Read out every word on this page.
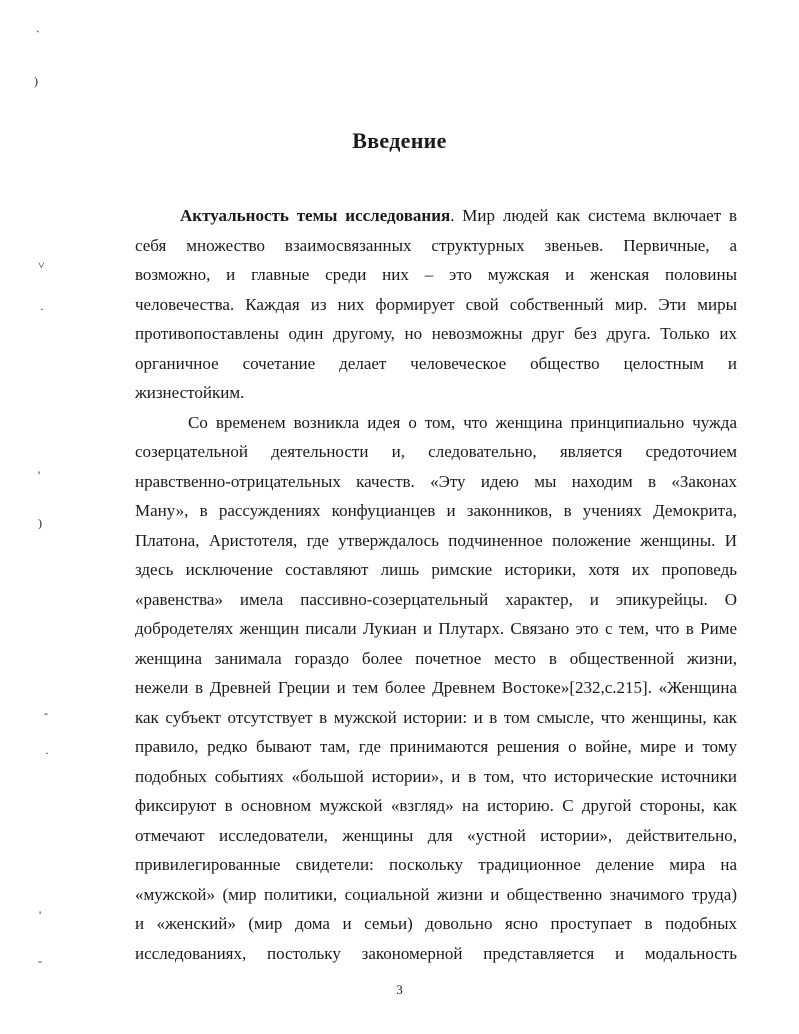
`
)
˅
·
'
)
-
·
'
-
Введение
Актуальность темы исследования. Мир людей как система включает в
себя множество взаимосвязанных структурных звеньев. Первичные, а
возможно, и главные среди них – это мужская и женская половины
человечества. Каждая из них формирует свой собственный мир. Эти миры
противопоставлены один другому, но невозможны друг без друга. Только их
органичное сочетание делает человеческое общество целостным и
жизнестойким.
Со временем возникла идея о том, что женщина принципиально чужда
созерцательной деятельности и, следовательно, является средоточием
нравственно-отрицательных качеств. «Эту идею мы находим в «Законах
Ману», в рассуждениях конфуцианцев и законников, в учениях Демокрита,
Платона, Аристотеля, где утверждалось подчиненное положение женщины. И
здесь исключение составляют лишь римские историки, хотя их проповедь
«равенства» имела пассивно-созерцательный характер, и эпикурейцы. О
добродетелях женщин писали Лукиан и Плутарх. Связано это с тем, что в Риме
женщина занимала гораздо более почетное место в общественной жизни,
нежели в Древней Греции и тем более Древнем Востоке»[232,с.215]. «Женщина
как субъект отсутствует в мужской истории: и в том смысле, что женщины, как
правило, редко бывают там, где принимаются решения о войне, мире и тому
подобных событиях «большой истории», и в том, что исторические источники
фиксируют в основном мужской «взгляд» на историю. С другой стороны, как
отмечают исследователи, женщины для «устной истории», действительно,
привилегированные свидетели: поскольку традиционное деление мира на
«мужской» (мир политики, социальной жизни и общественно значимого труда)
и «женский» (мир дома и семьи) довольно ясно проступает в подобных
исследованиях, постольку закономерной представляется и модальность
3
